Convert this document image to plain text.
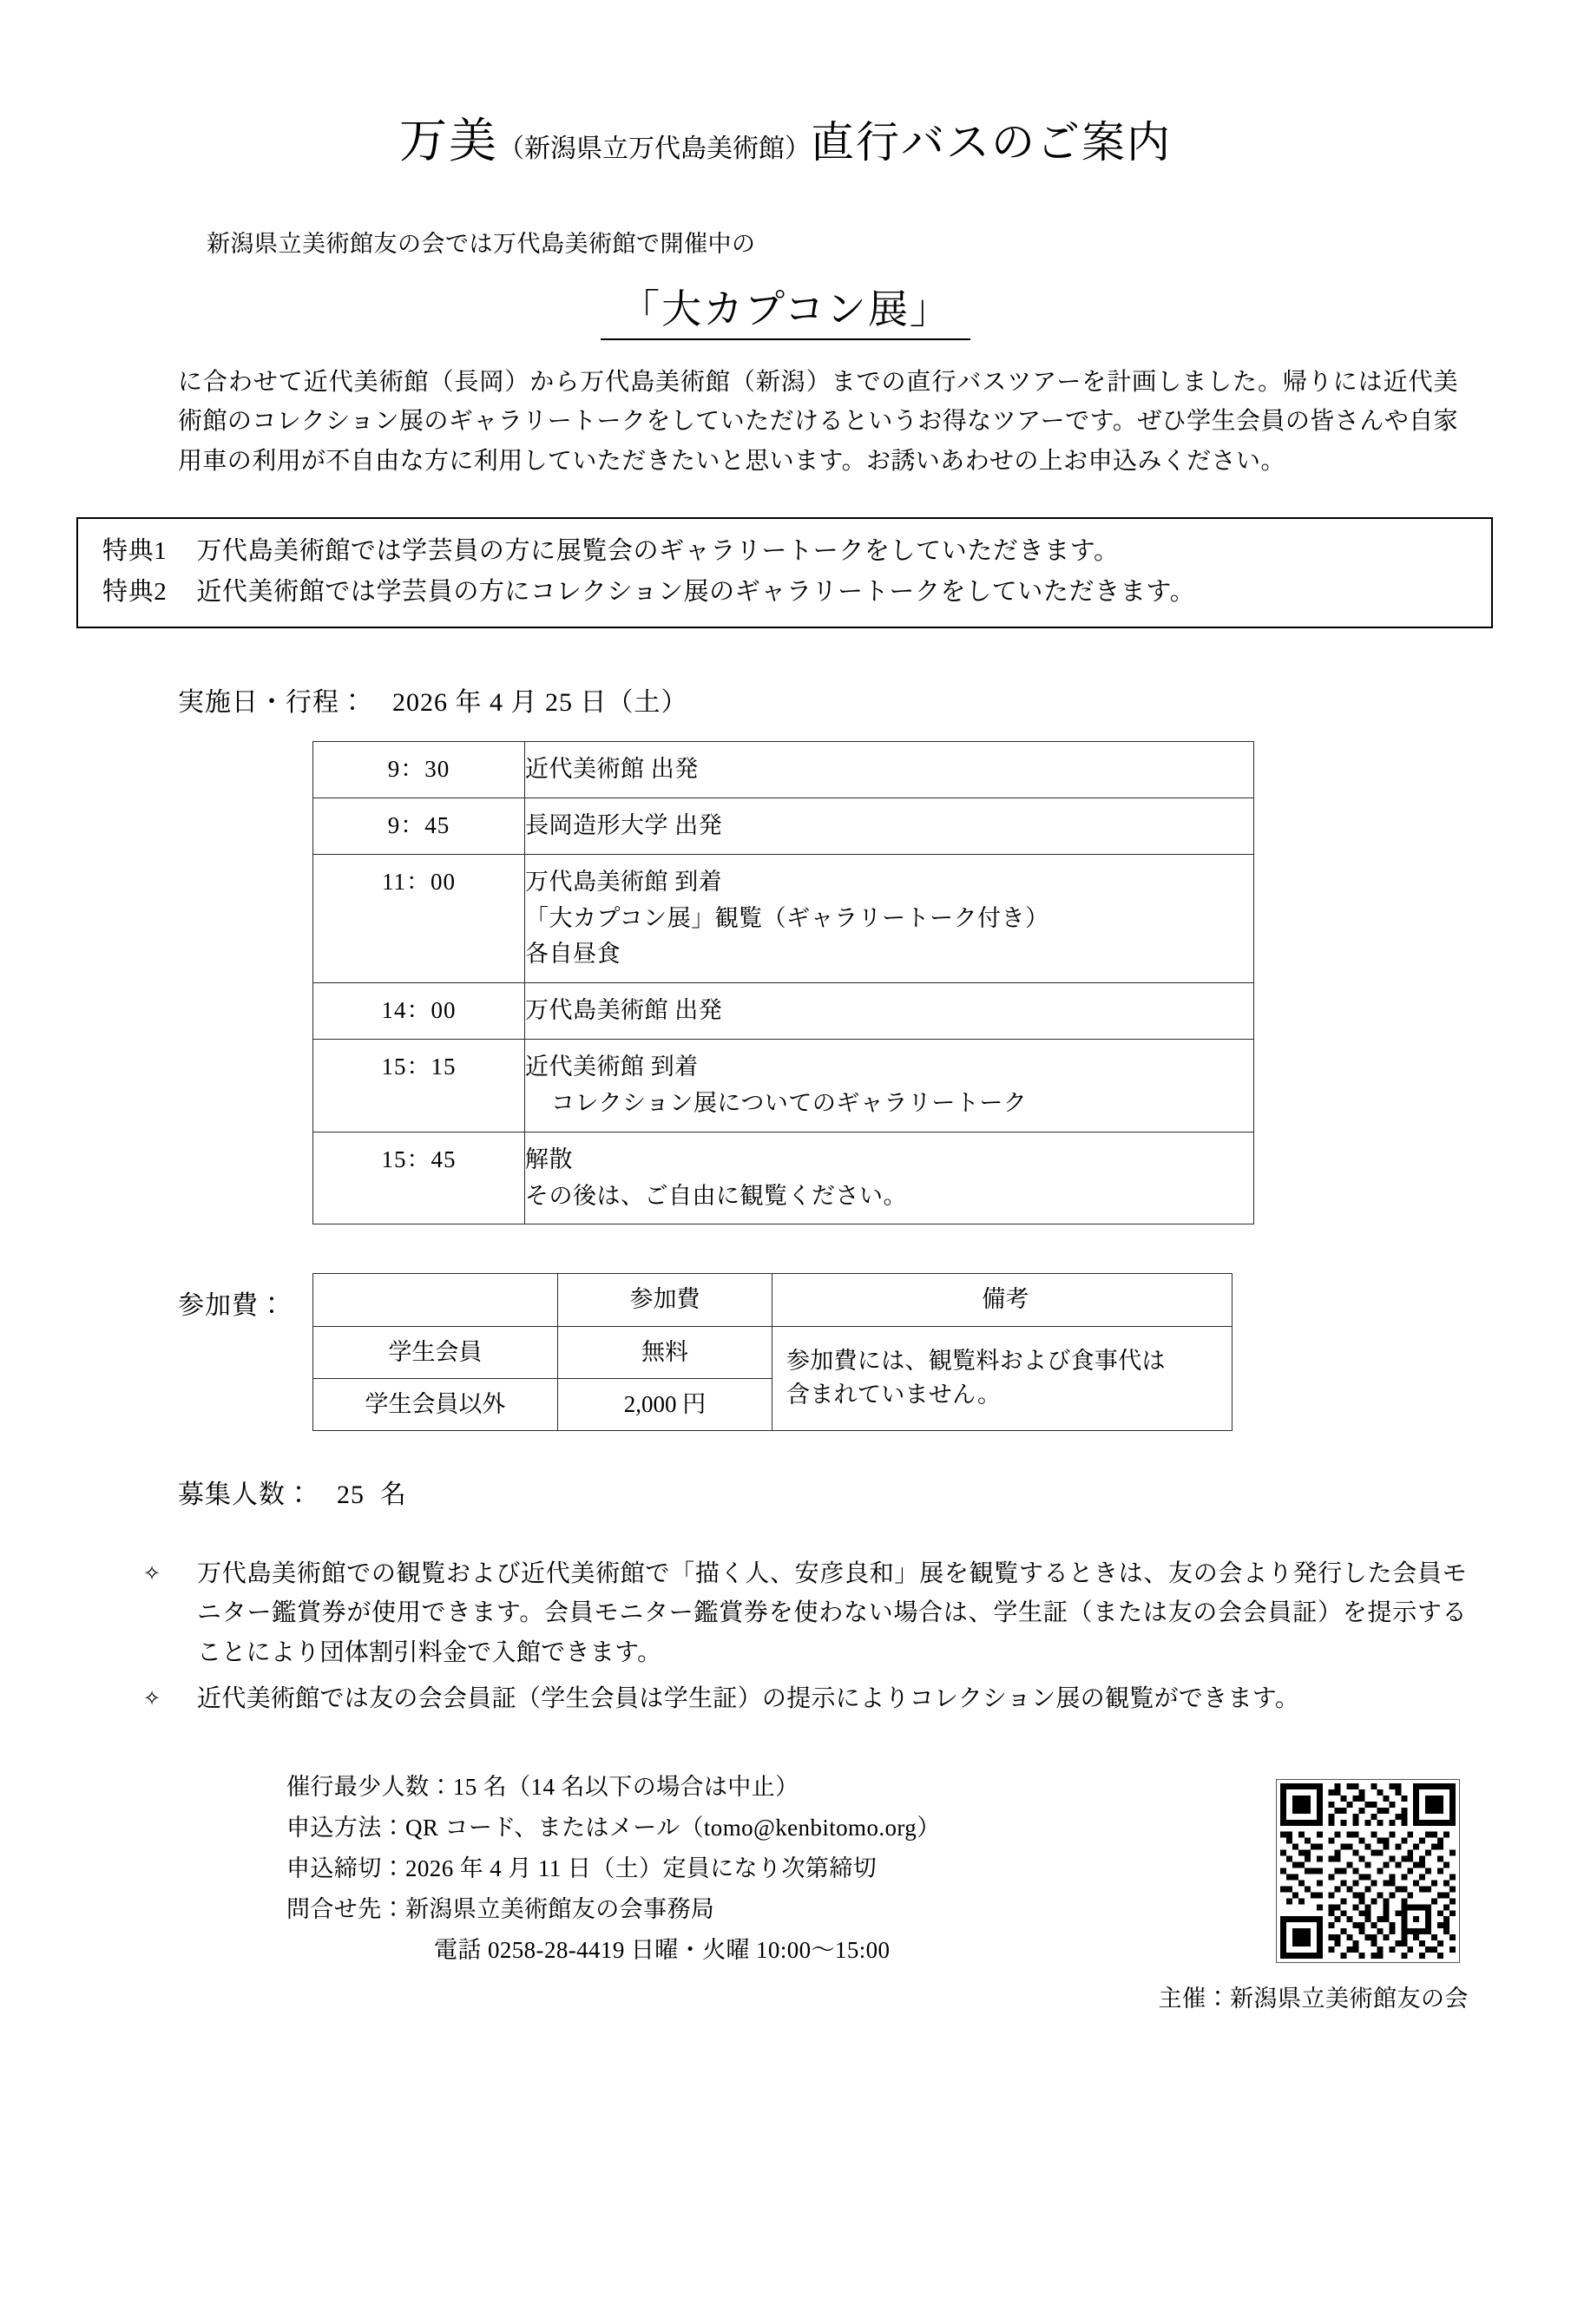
万美（新潟県立万代島美術館）直行バスのご案内
新潟県立美術館友の会では万代島美術館で開催中の
「大カプコン展」
に合わせて近代美術館（長岡）から万代島美術館（新潟）までの直行バスツアーを計画しました。帰りには近代美術館のコレクション展のギャラリートークをしていただけるというお得なツアーです。ぜひ学生会員の皆さんや自家用車の利用が不自由な方に利用していただきたいと思います。お誘いあわせの上お申込みください。
特典1 万代島美術館では学芸員の方に展覧会のギャラリートークをしていただきます。
特典2 近代美術館では学芸員の方にコレクション展のギャラリートークをしていただきます。
実施日・行程： 2026 年 4 月 25 日（土）
9：30	近代美術館 出発

9：45	長岡造形大学 出発

11：00	万代島美術館 到着
「大カプコン展」観覧（ギャラリートーク付き）
各自昼食

14：00	万代島美術館 出発

15：15	近代美術館 到着
コレクション展についてのギャラリートーク

15：45	解散
その後は、ご自由に観覧ください。
参加費：
		参加費	備考
学生会員	無料	参加費には、観覧料および食事代は
含まれていません。

学生会員以外	2,000 円	
募集人数： 25 名
✧	万代島美術館での観覧および近代美術館で「描く人、安彦良和」展を観覧するときは、友の会より発行した会員モニター鑑賞券が使用できます。会員モニター鑑賞券を使わない場合は、学生証（または友の会会員証）を提示することにより団体割引料金で入館できます。
✧	近代美術館では友の会会員証（学生会員は学生証）の提示によりコレクション展の観覧ができます。
催行最少人数：15 名（14 名以下の場合は中止）
申込方法：QR コード、またはメール（tomo@kenbitomo.org）
申込締切：2026 年 4 月 11 日（土）定員になり次第締切
問合せ先：新潟県立美術館友の会事務局
電話 0258-28-4419 日曜・火曜 10:00〜15:00
主催：新潟県立美術館友の会
